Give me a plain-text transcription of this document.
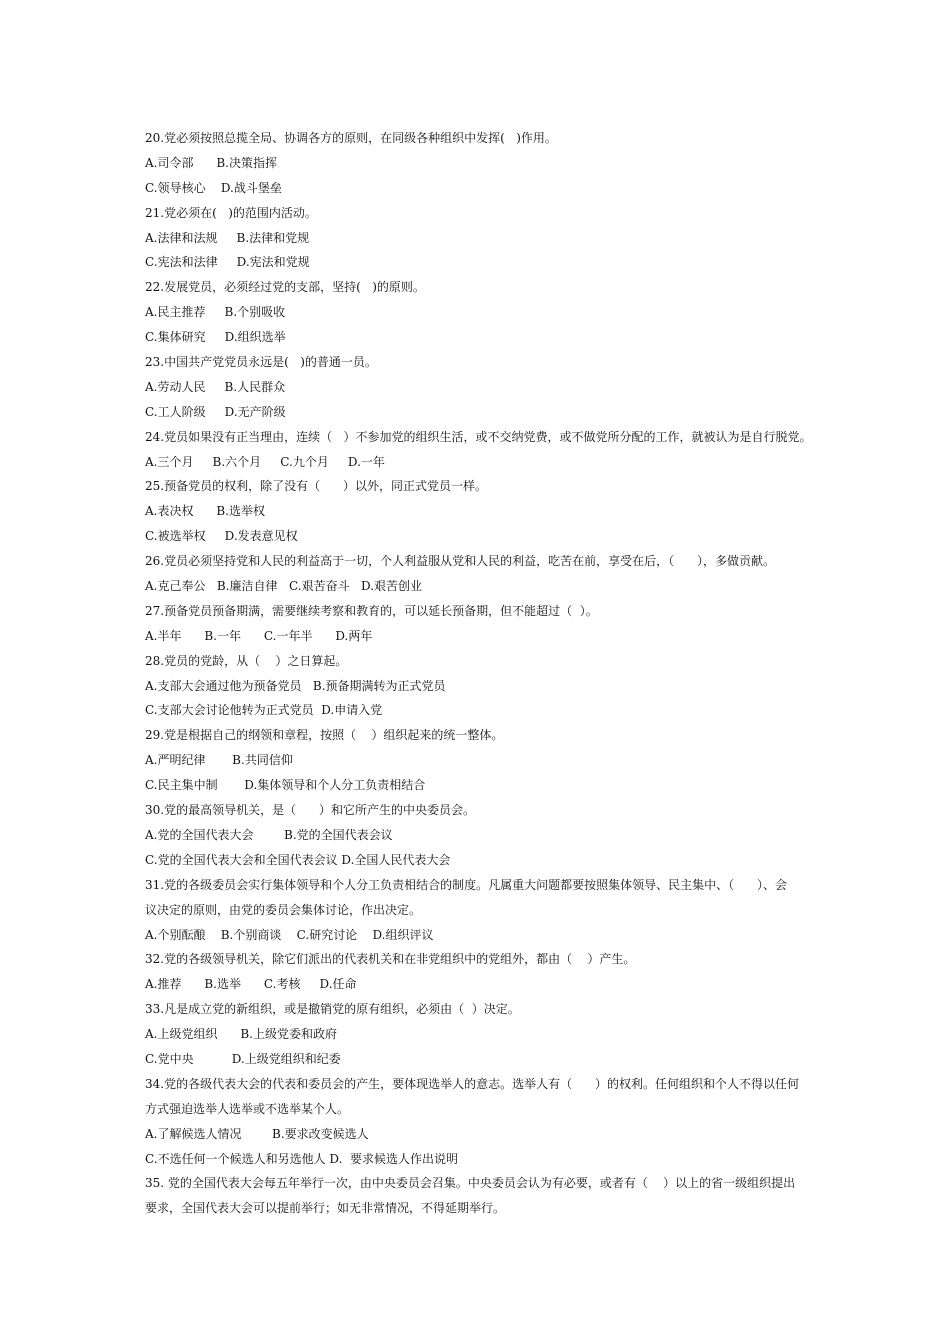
20.党必须按照总揽全局、协调各方的原则，在同级各种组织中发挥(   )作用。

A.司令部      B.决策指挥

C.领导核心    D.战斗堡垒

21.党必须在(   )的范围内活动。

A.法律和法规     B.法律和党规

C.宪法和法律     D.宪法和党规

22.发展党员，必须经过党的支部，坚持(   )的原则。

A.民主推荐     B.个别吸收

C.集体研究     D.组织选举

23.中国共产党党员永远是(   )的普通一员。

A.劳动人民     B.人民群众

C.工人阶级     D.无产阶级

24.党员如果没有正当理由，连续（   ）不参加党的组织生活，或不交纳党费，或不做党所分配的工作，就被认为是自行脱党。

A.三个月     B.六个月     C.九个月     D.一年

25.预备党员的权利，除了没有（      ）以外，同正式党员一样。

A.表决权      B.选举权

C.被选举权     D.发表意见权

26.党员必须坚持党和人民的利益高于一切，个人利益服从党和人民的利益，吃苦在前，享受在后，（      ），多做贡献。

A.克己奉公   B.廉洁自律   C.艰苦奋斗   D.艰苦创业

27.预备党员预备期满，需要继续考察和教育的，可以延长预备期，但不能超过（  ）。

A.半年      B.一年      C.一年半      D.两年

28.党员的党龄，从（    ）之日算起。

A.支部大会通过他为预备党员   B.预备期满转为正式党员

C.支部大会讨论他转为正式党员  D.申请入党

29.党是根据自己的纲领和章程，按照（    ）组织起来的统一整体。

A.严明纪律       B.共同信仰

C.民主集中制       D.集体领导和个人分工负责相结合

30.党的最高领导机关，是（      ）和它所产生的中央委员会。

A.党的全国代表大会        B.党的全国代表会议

C.党的全国代表大会和全国代表会议 D.全国人民代表大会

31.党的各级委员会实行集体领导和个人分工负责相结合的制度。凡属重大问题都要按照集体领导、民主集中、（      ）、会

议决定的原则，由党的委员会集体讨论，作出决定。

A.个别酝酿    B.个别商谈    C.研究讨论    D.组织评议

32.党的各级领导机关，除它们派出的代表机关和在非党组织中的党组外，都由（    ）产生。

A.推荐      B.选举      C.考核     D.任命

33.凡是成立党的新组织，或是撤销党的原有组织，必须由（  ）决定。

A.上级党组织      B.上级党委和政府

C.党中央          D.上级党组织和纪委

34.党的各级代表大会的代表和委员会的产生，要体现选举人的意志。选举人有（      ）的权利。任何组织和个人不得以任何

方式强迫选举人选举或不选举某个人。

A.了解候选人情况        B.要求改变候选人

C.不选任何一个候选人和另选他人 D.  要求候选人作出说明

35. 党的全国代表大会每五年举行一次，由中央委员会召集。中央委员会认为有必要，或者有（    ）以上的省一级组织提出

要求，全国代表大会可以提前举行；如无非常情况，不得延期举行。
